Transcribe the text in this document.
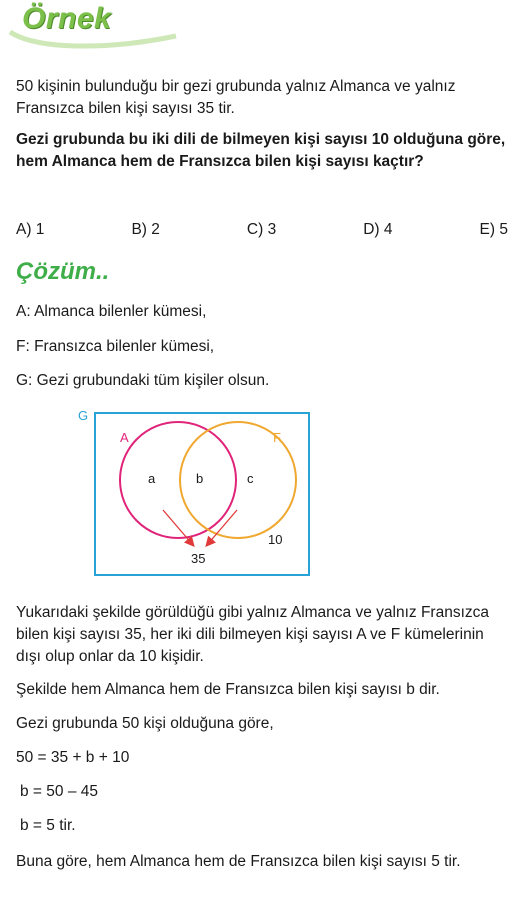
Örnek
50 kişinin bulunduğu bir gezi grubunda yalnız Almanca ve yalnız Fransızca bilen kişi sayısı 35 tir.
Gezi grubunda bu iki dili de bilmeyen kişi sayısı 10 olduğuna göre, hem Almanca hem de Fransızca bilen kişi sayısı kaçtır?
A) 1	B) 2	C) 3	D) 4	E) 5
Çözüm..
A: Almanca bilenler kümesi,
F: Fransızca bilenler kümesi,
G: Gezi grubundaki tüm kişiler olsun.
G
A	F
a	b	c
35
10
Yukarıdaki şekilde görüldüğü gibi yalnız Almanca ve yalnız Fransızca bilen kişi sayısı 35, her iki dili bilmeyen kişi sayısı A ve F kümelerinin dışı olup onlar da 10 kişidir.
Şekilde hem Almanca hem de Fransızca bilen kişi sayısı b dir.
Gezi grubunda 50 kişi olduğuna göre,
50 = 35 + b + 10
b = 50 – 45
b = 5 tir.
Buna göre, hem Almanca hem de Fransızca bilen kişi sayısı 5 tir.
